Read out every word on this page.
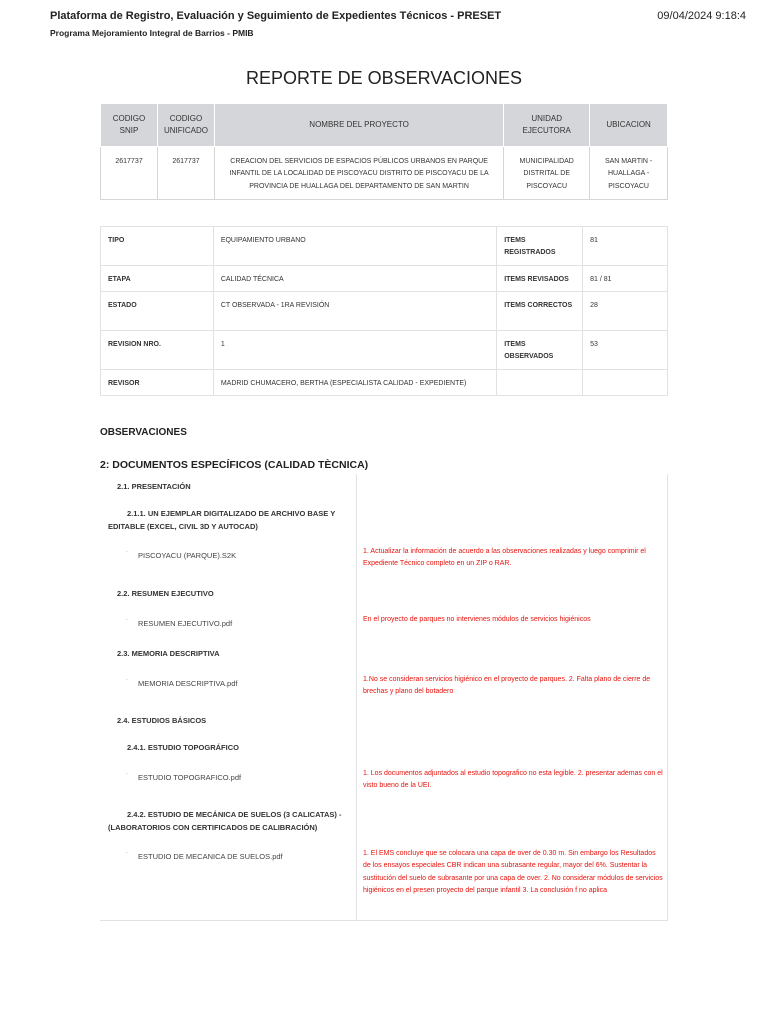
Plataforma de Registro, Evaluación y Seguimiento de Expedientes Técnicos - PRESET	09/04/2024 9:18:4
Programa Mejoramiento Integral de Barrios - PMIB
REPORTE DE OBSERVACIONES
CODIGO SNIP	CODIGO UNIFICADO	NOMBRE DEL PROYECTO	UNIDAD EJECUTORA	UBICACION
2617737	2617737	CREACION DEL SERVICIOS DE ESPACIOS PÚBLICOS URBANOS EN PARQUE INFANTIL DE LA LOCALIDAD DE PISCOYACU DISTRITO DE PISCOYACU DE LA PROVINCIA DE HUALLAGA DEL DEPARTAMENTO DE SAN MARTIN	MUNICIPALIDAD DISTRITAL DE PISCOYACU	SAN MARTIN - HUALLAGA - PISCOYACU
TIPO	EQUIPAMIENTO URBANO	ITEMS REGISTRADOS	81
ETAPA	CALIDAD TÉCNICA	ITEMS REVISADOS	81 / 81
ESTADO	CT OBSERVADA - 1RA REVISIÓN	ITEMS CORRECTOS	28
REVISION NRO.	1	ITEMS OBSERVADOS	53
REVISOR	MADRID CHUMACERO, BERTHA (ESPECIALISTA CALIDAD - EXPEDIENTE)		
OBSERVACIONES
2: DOCUMENTOS ESPECÍFICOS (CALIDAD TÈCNICA)
2.1. PRESENTACIÓN
2.1.1. UN EJEMPLAR DIGITALIZADO DE ARCHIVO BASE Y EDITABLE (EXCEL, CIVIL 3D Y AUTOCAD)
· PISCOYACU (PARQUE).S2K	1. Actualizar la información de acuerdo a las observaciones realizadas y luego comprimir el Expediente Técnico completo en un ZIP o RAR.
2.2. RESUMEN EJECUTIVO
· RESUMEN EJECUTIVO.pdf	En el proyecto de parques no intervienes módulos de servicios higiénicos
2.3. MEMORIA DESCRIPTIVA
· MEMORIA DESCRIPTIVA.pdf	1.No se consideran servicios higiénico en el proyecto de parques. 2. Falta plano de cierre de brechas y plano del botadero
2.4. ESTUDIOS BÁSICOS
2.4.1. ESTUDIO TOPOGRÁFICO
· ESTUDIO TOPOGRAFICO.pdf	1. Los documentos adjuntados al estudio topografico no esta legible. 2. presentar ademas con el visto bueno de la UEI.
2.4.2. ESTUDIO DE MECÁNICA DE SUELOS (3 CALICATAS) - (LABORATORIOS CON CERTIFICADOS DE CALIBRACIÓN)
· ESTUDIO DE MECANICA DE SUELOS.pdf	1. El EMS concluye que se colocara una capa de over de 0.30 m. Sin embargo los Resultados de los ensayos especiales CBR indican una subrasante regular, mayor del 6%. Sustentar la sustitución del suelo de subrasante por una capa de over. 2. No considerar módulos de servicios higiénicos en el presen proyecto del parque infantil 3. La conclusión f no aplica
